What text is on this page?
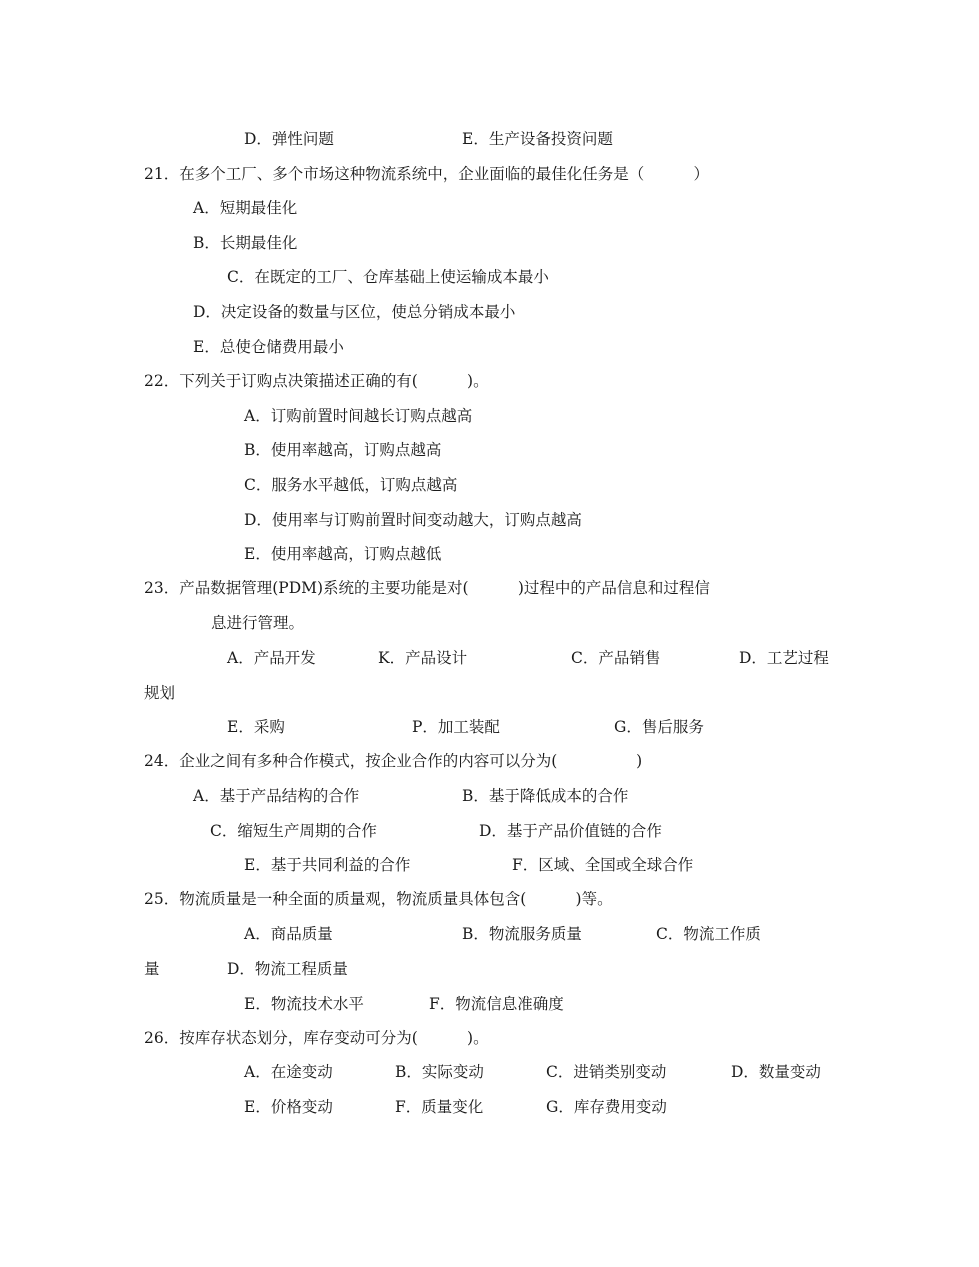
D．弹性问题	E．生产设备投资问题
21．在多个工厂、多个市场这种物流系统中，企业面临的最佳化任务是（          ）
A．短期最佳化
B．长期最佳化
C．在既定的工厂、仓库基础上使运输成本最小
D．决定设备的数量与区位，使总分销成本最小
E．总使仓储费用最小
22．下列关于订购点决策描述正确的有(          )。
A．订购前置时间越长订购点越高
B．使用率越高，订购点越高
C．服务水平越低，订购点越高
D．使用率与订购前置时间变动越大，订购点越高
E．使用率越高，订购点越低
23．产品数据管理(PDM)系统的主要功能是对(          )过程中的产品信息和过程信
息进行管理。
A．产品开发	K．产品设计	C．产品销售	D．工艺过程
规划
E．采购	P．加工装配	G．售后服务
24．企业之间有多种合作模式，按企业合作的内容可以分为(                )
A．基于产品结构的合作	B．基于降低成本的合作
C．缩短生产周期的合作	D．基于产品价值链的合作
E．基于共同利益的合作	F．区域、全国或全球合作
25．物流质量是一种全面的质量观，物流质量具体包含(          )等。
A．商品质量	B．物流服务质量	C．物流工作质
量	D．物流工程质量
E．物流技术水平	F．物流信息准确度
26．按库存状态划分，库存变动可分为(          )。
A．在途变动	B．实际变动	C．进销类别变动	D．数量变动
E．价格变动	F．质量变化	G．库存费用变动
